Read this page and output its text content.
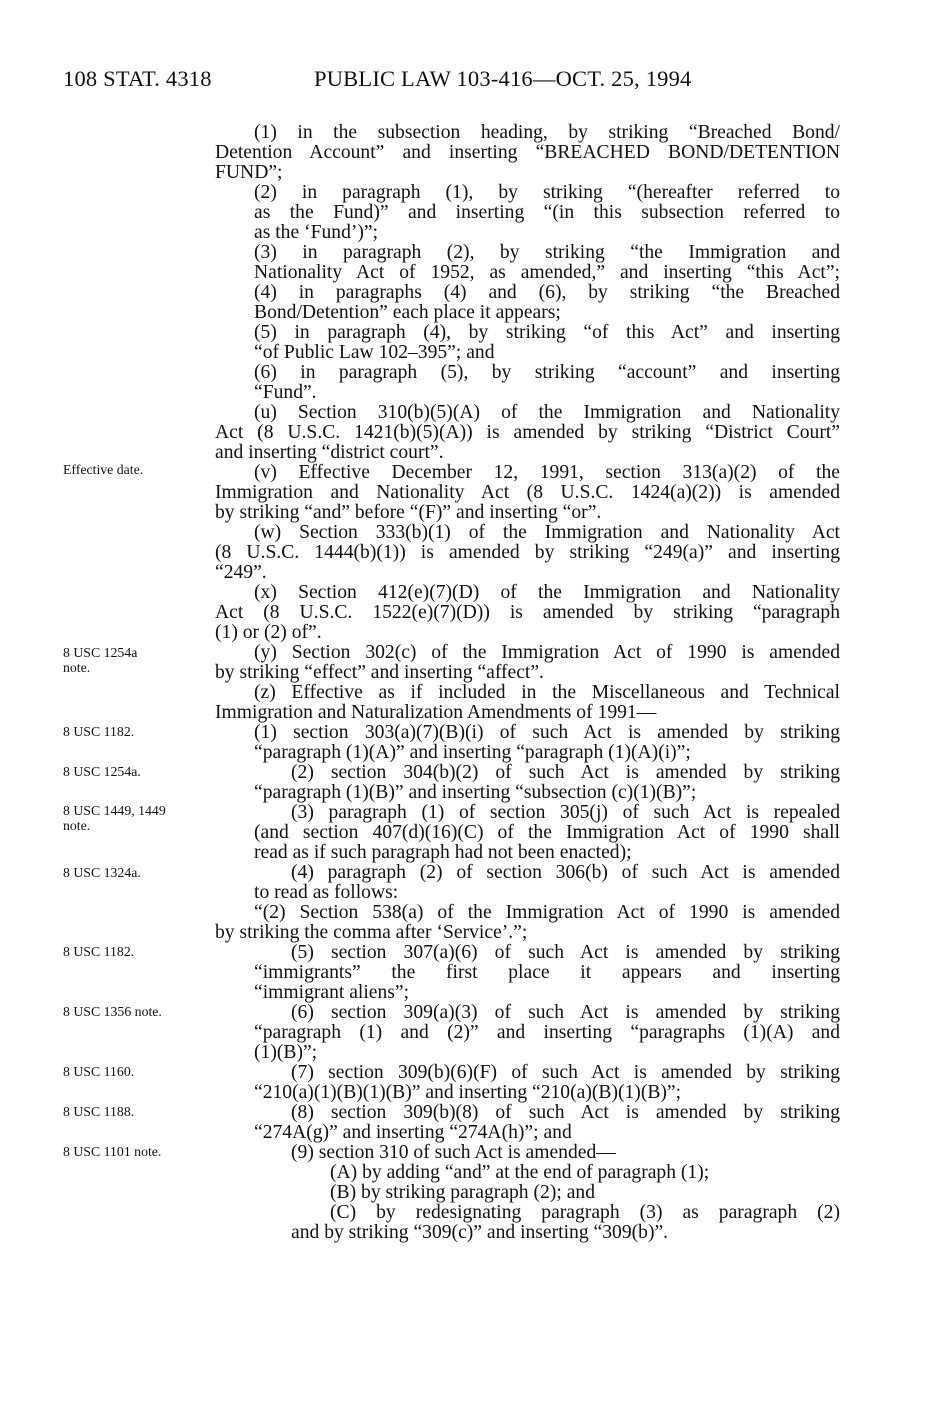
108 STAT. 4318	PUBLIC LAW 103-416—OCT. 25, 1994
Effective date.
8 USC 1254a
note.
8 USC 1182.
8 USC 1254a.
8 USC 1449, 1449
note.
8 USC 1324a.
8 USC 1182.
8 USC 1356 note.
8 USC 1160.
8 USC 1188.
8 USC 1101 note.
(1) in the subsection heading, by striking “Breached Bond/
Detention Account” and inserting “BREACHED BOND/DETENTION
FUND”;
(2) in paragraph (1), by striking “(hereafter referred to
as the Fund)” and inserting “(in this subsection referred to
as the ‘Fund’)”;
(3) in paragraph (2), by striking “the Immigration and
Nationality Act of 1952, as amended,” and inserting “this Act”;
(4) in paragraphs (4) and (6), by striking “the Breached
Bond/Detention” each place it appears;
(5) in paragraph (4), by striking “of this Act” and inserting
“of Public Law 102–395”; and
(6) in paragraph (5), by striking “account” and inserting
“Fund”.
(u) Section 310(b)(5)(A) of the Immigration and Nationality
Act (8 U.S.C. 1421(b)(5)(A)) is amended by striking “District Court”
and inserting “district court”.
(v) Effective December 12, 1991, section 313(a)(2) of the
Immigration and Nationality Act (8 U.S.C. 1424(a)(2)) is amended
by striking “and” before “(F)” and inserting “or”.
(w) Section 333(b)(1) of the Immigration and Nationality Act
(8 U.S.C. 1444(b)(1)) is amended by striking “249(a)” and inserting
“249”.
(x) Section 412(e)(7)(D) of the Immigration and Nationality
Act (8 U.S.C. 1522(e)(7)(D)) is amended by striking “paragraph
(1) or (2) of”.
(y) Section 302(c) of the Immigration Act of 1990 is amended
by striking “effect” and inserting “affect”.
(z) Effective as if included in the Miscellaneous and Technical
Immigration and Naturalization Amendments of 1991—
(1) section 303(a)(7)(B)(i) of such Act is amended by striking
“paragraph (1)(A)” and inserting “paragraph (1)(A)(i)”;
(2) section 304(b)(2) of such Act is amended by striking
“paragraph (1)(B)” and inserting “subsection (c)(1)(B)”;
(3) paragraph (1) of section 305(j) of such Act is repealed
(and section 407(d)(16)(C) of the Immigration Act of 1990 shall
read as if such paragraph had not been enacted);
(4) paragraph (2) of section 306(b) of such Act is amended
to read as follows:
“(2) Section 538(a) of the Immigration Act of 1990 is amended
by striking the comma after ‘Service’.”;
(5) section 307(a)(6) of such Act is amended by striking
“immigrants” the first place it appears and inserting
“immigrant aliens”;
(6) section 309(a)(3) of such Act is amended by striking
“paragraph (1) and (2)” and inserting “paragraphs (1)(A) and
(1)(B)”;
(7) section 309(b)(6)(F) of such Act is amended by striking
“210(a)(1)(B)(1)(B)” and inserting “210(a)(B)(1)(B)”;
(8) section 309(b)(8) of such Act is amended by striking
“274A(g)” and inserting “274A(h)”; and
(9) section 310 of such Act is amended—
(A) by adding “and” at the end of paragraph (1);
(B) by striking paragraph (2); and
(C) by redesignating paragraph (3) as paragraph (2)
and by striking “309(c)” and inserting “309(b)”.
